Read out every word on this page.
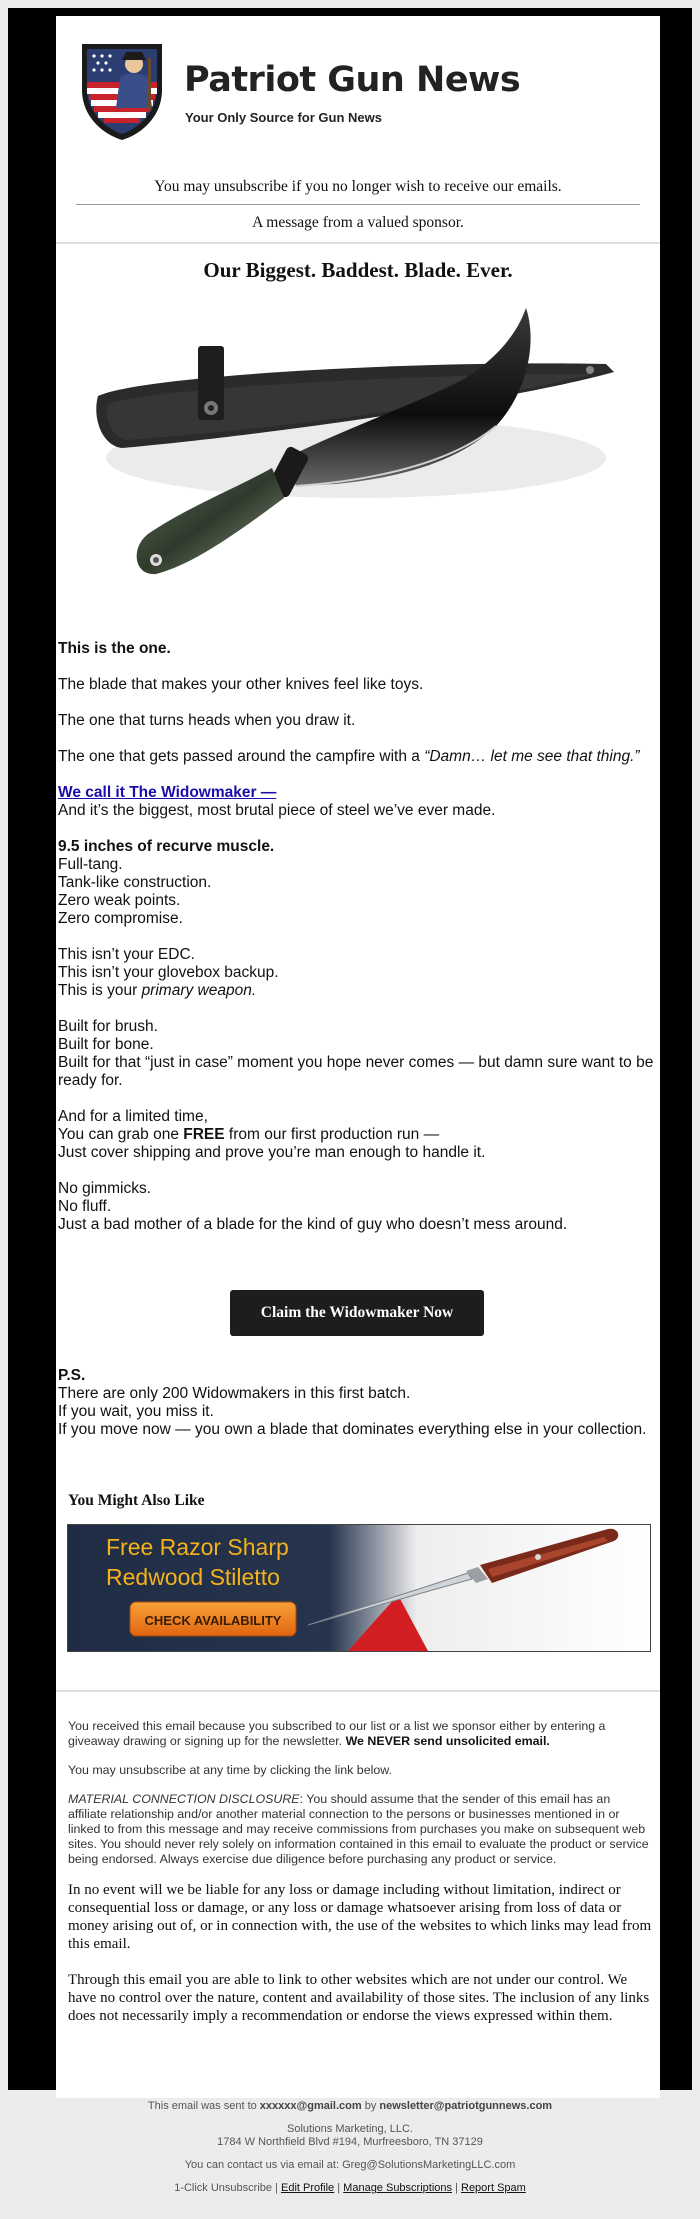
Patriot Gun News
Your Only Source for Gun News
You may unsubscribe if you no longer wish to receive our emails.
A message from a valued sponsor.
Our Biggest. Baddest. Blade. Ever.

This is the one.

The blade that makes your other knives feel like toys.

The one that turns heads when you draw it.

The one that gets passed around the campfire with a “Damn… let me see that thing.”

We call it The Widowmaker —
And it’s the biggest, most brutal piece of steel we’ve ever made.

9.5 inches of recurve muscle.
Full-tang.
Tank-like construction.
Zero weak points.
Zero compromise.

This isn’t your EDC.
This isn’t your glovebox backup.
This is your primary weapon.

Built for brush.
Built for bone.
Built for that “just in case” moment you hope never comes — but damn sure want to be ready for.

And for a limited time,
You can grab one FREE from our first production run —
Just cover shipping and prove you’re man enough to handle it.

No gimmicks.
No fluff.
Just a bad mother of a blade for the kind of guy who doesn’t mess around.

Claim the Widowmaker Now
P.S.
There are only 200 Widowmakers in this first batch.
If you wait, you miss it.
If you move now — you own a blade that dominates everything else in your collection.
You Might Also Like
Free Razor Sharp
Redwood Stiletto
CHECK AVAILABILITY

You received this email because you subscribed to our list or a list we sponsor either by entering a giveaway drawing or signing up for the newsletter. We NEVER send unsolicited email.

You may unsubscribe at any time by clicking the link below.

MATERIAL CONNECTION DISCLOSURE: You should assume that the sender of this email has an affiliate relationship and/or another material connection to the persons or businesses mentioned in or linked to from this message and may receive commissions from purchases you make on subsequent web sites. You should never rely solely on information contained in this email to evaluate the product or service being endorsed. Always exercise due diligence before purchasing any product or service.

In no event will we be liable for any loss or damage including without limitation, indirect or consequential loss or damage, or any loss or damage whatsoever arising from loss of data or money arising out of, or in connection with, the use of the websites to which links may lead from this email.

Through this email you are able to link to other websites which are not under our control. We have no control over the nature, content and availability of those sites. The inclusion of any links does not necessarily imply a recommendation or endorse the views expressed within them.

This email was sent to xxxxxx@gmail.com by newsletter@patriotgunnews.com
Solutions Marketing, LLC.
1784 W Northfield Blvd #194, Murfreesboro, TN 37129
You can contact us via email at: Greg@SolutionsMarketingLLC.com
1-Click Unsubscribe | Edit Profile | Manage Subscriptions | Report Spam
